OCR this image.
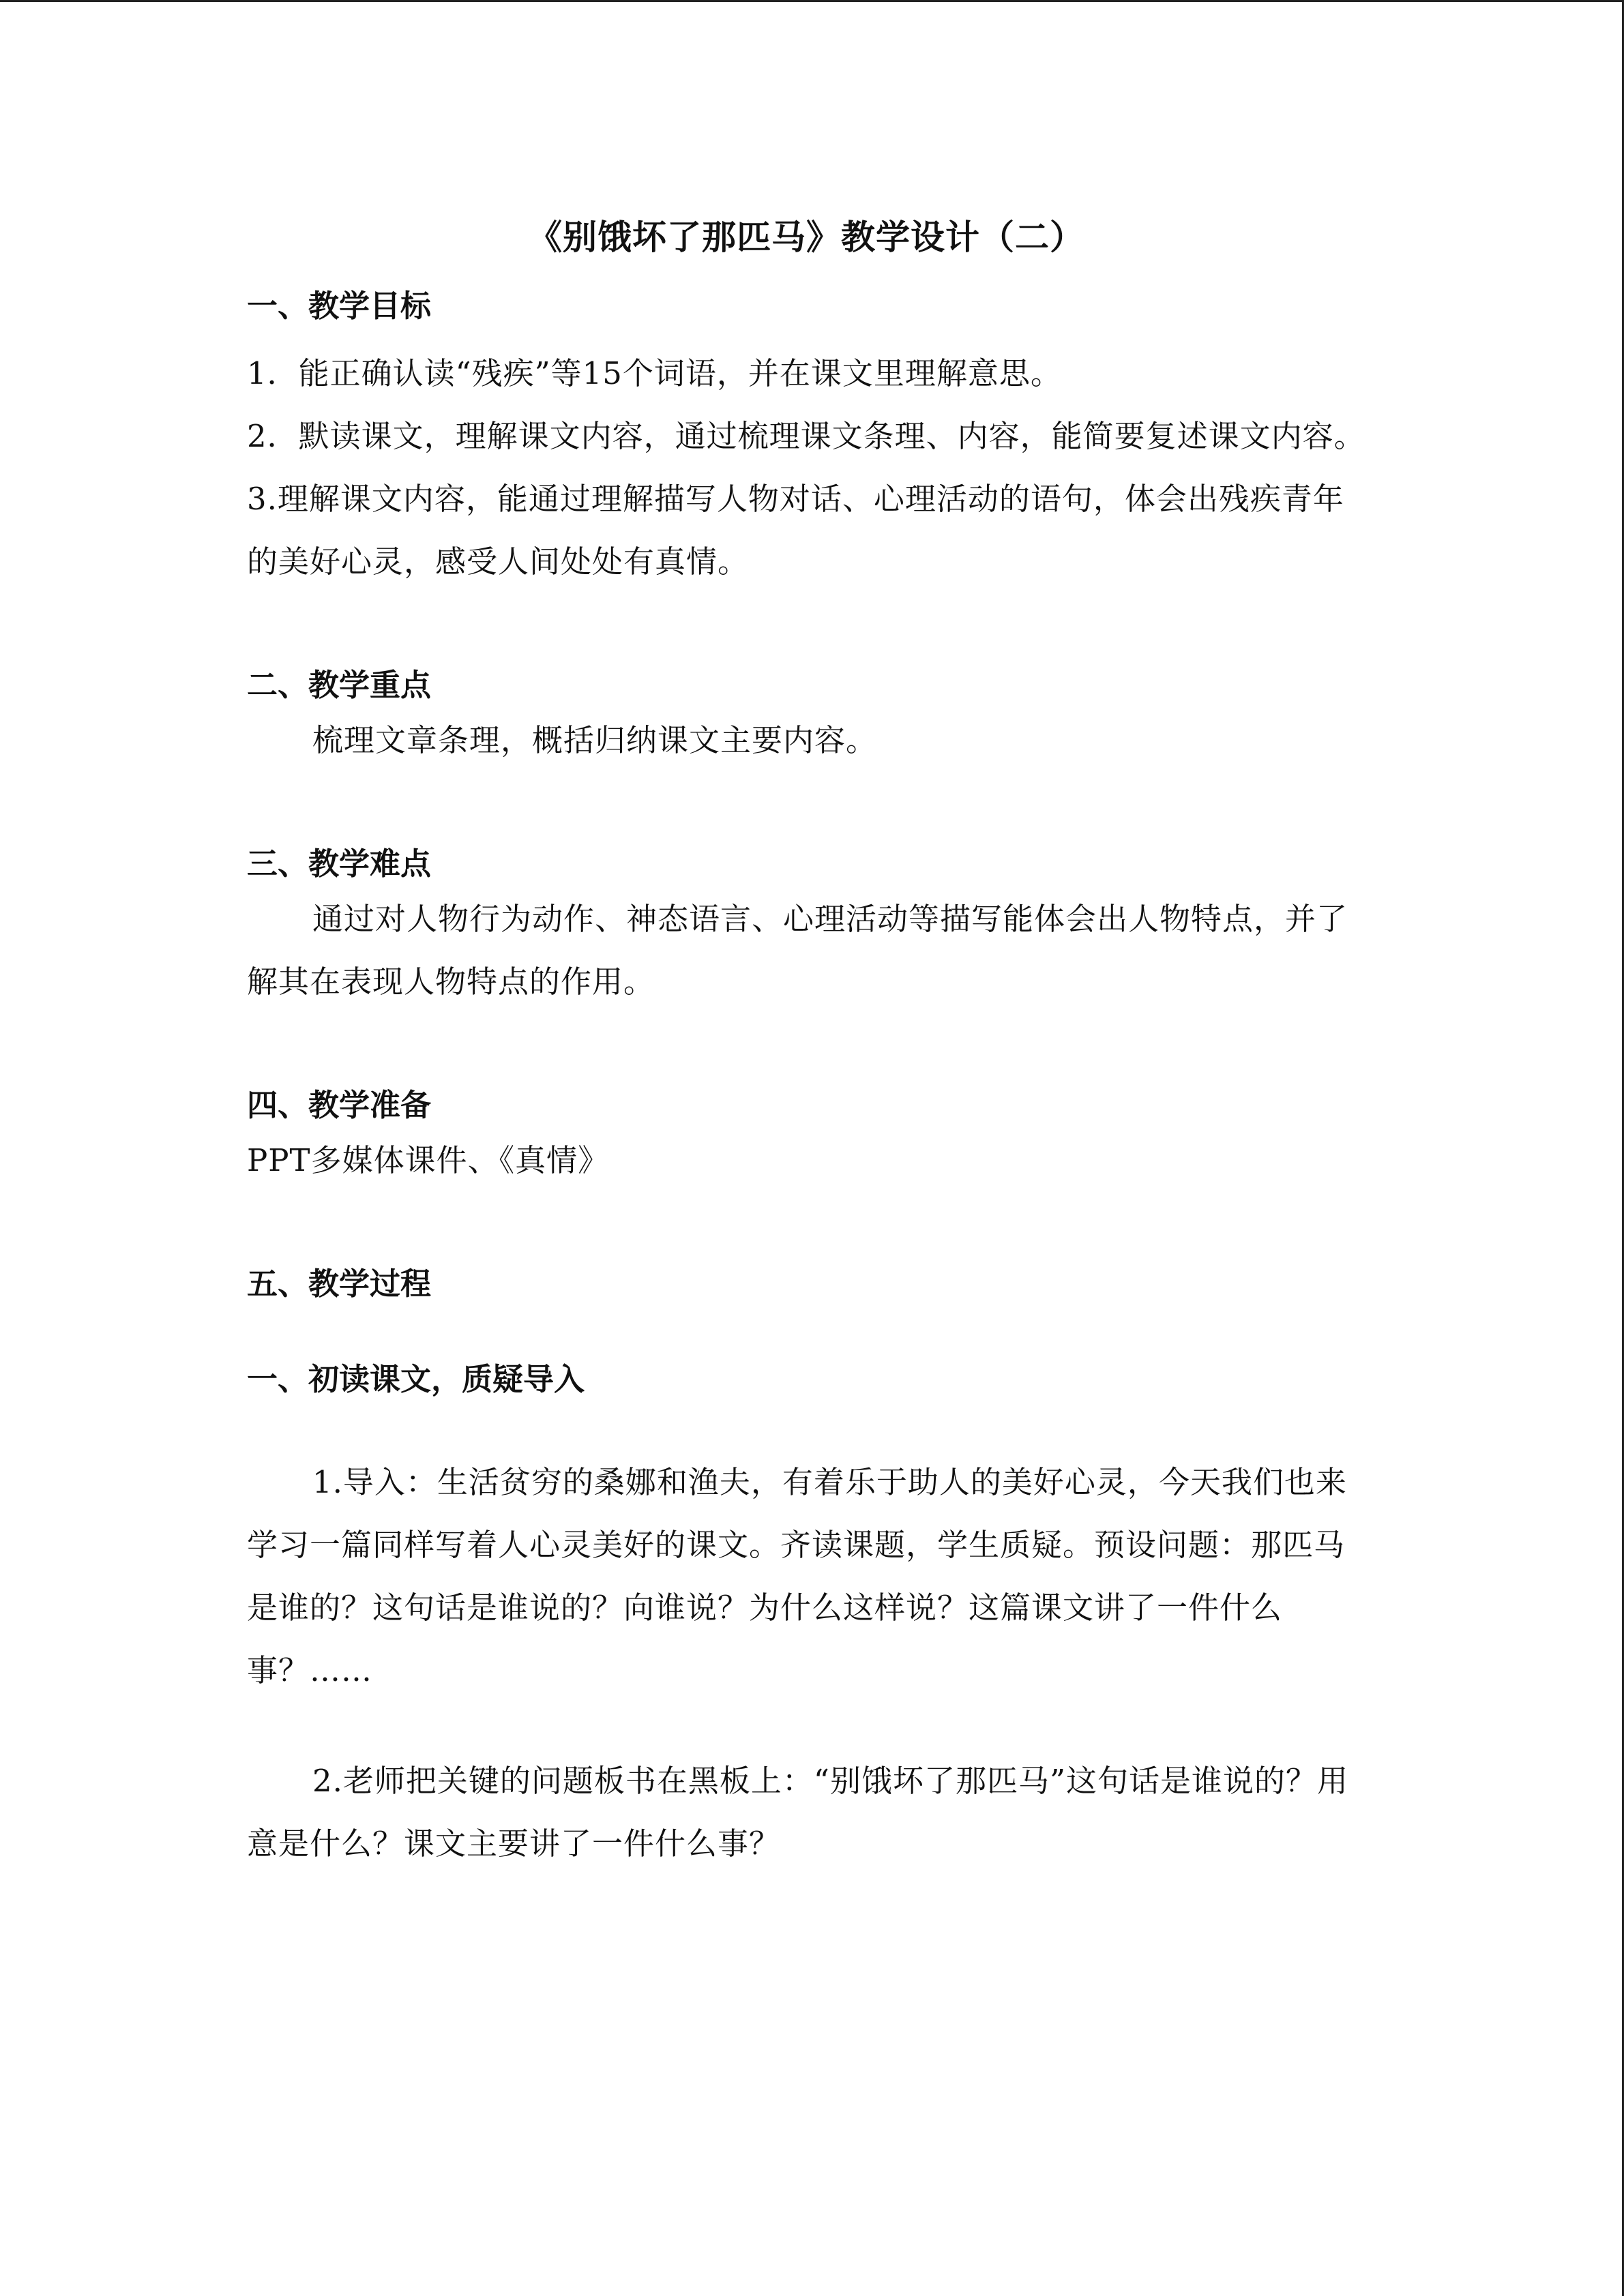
《别饿坏了那匹马》教学设计（二）
一、教学目标

1．能正确认读“残疾”等15个词语，并在课文里理解意思。

2．默读课文，理解课文内容，通过梳理课文条理、内容，能简要复述课文内容。

3.理解课文内容，能通过理解描写人物对话、心理活动的语句，体会出残疾青年的美好心灵，感受人间处处有真情。

二、教学重点

梳理文章条理，概括归纳课文主要内容。

三、教学难点

通过对人物行为动作、神态语言、心理活动等描写能体会出人物特点，并了解其在表现人物特点的作用。

四、教学准备

PPT多媒体课件、《真情》

五、教学过程
一、初读课文，质疑导入

1.导入：生活贫穷的桑娜和渔夫，有着乐于助人的美好心灵，今天我们也来学习一篇同样写着人心灵美好的课文。齐读课题，学生质疑。预设问题：那匹马是谁的？这句话是谁说的？向谁说？为什么这样说？这篇课文讲了一件什么事？……

2.老师把关键的问题板书在黑板上：“别饿坏了那匹马”这句话是谁说的？用意是什么？课文主要讲了一件什么事？
